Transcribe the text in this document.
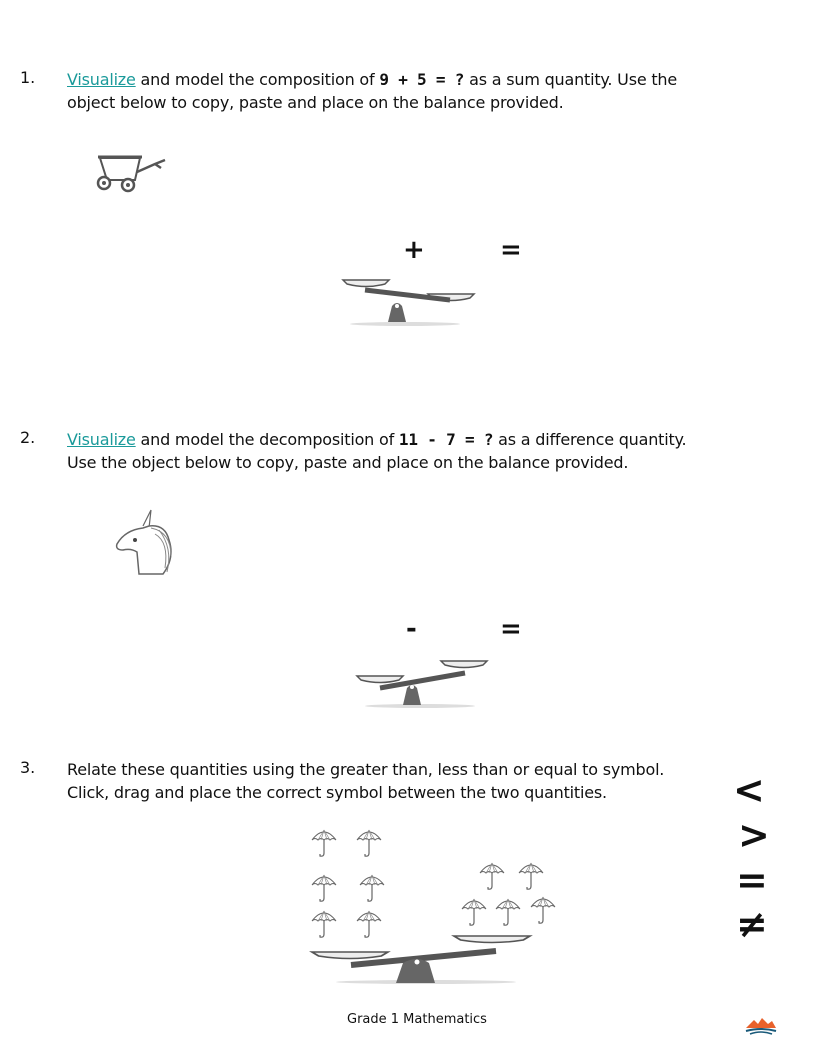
1. Visualize and model the composition of 9 + 5 = ? as a sum quantity. Use the
object below to copy, paste and place on the balance provided.
+	=
2. Visualize and model the decomposition of 11 - 7 = ? as a difference quantity.
Use the object below to copy, paste and place on the balance provided.
-	=
3. Relate these quantities using the greater than, less than or equal to symbol.
Click, drag and place the correct symbol between the two quantities.	<
>
=
≠
Grade 1 Mathematics
